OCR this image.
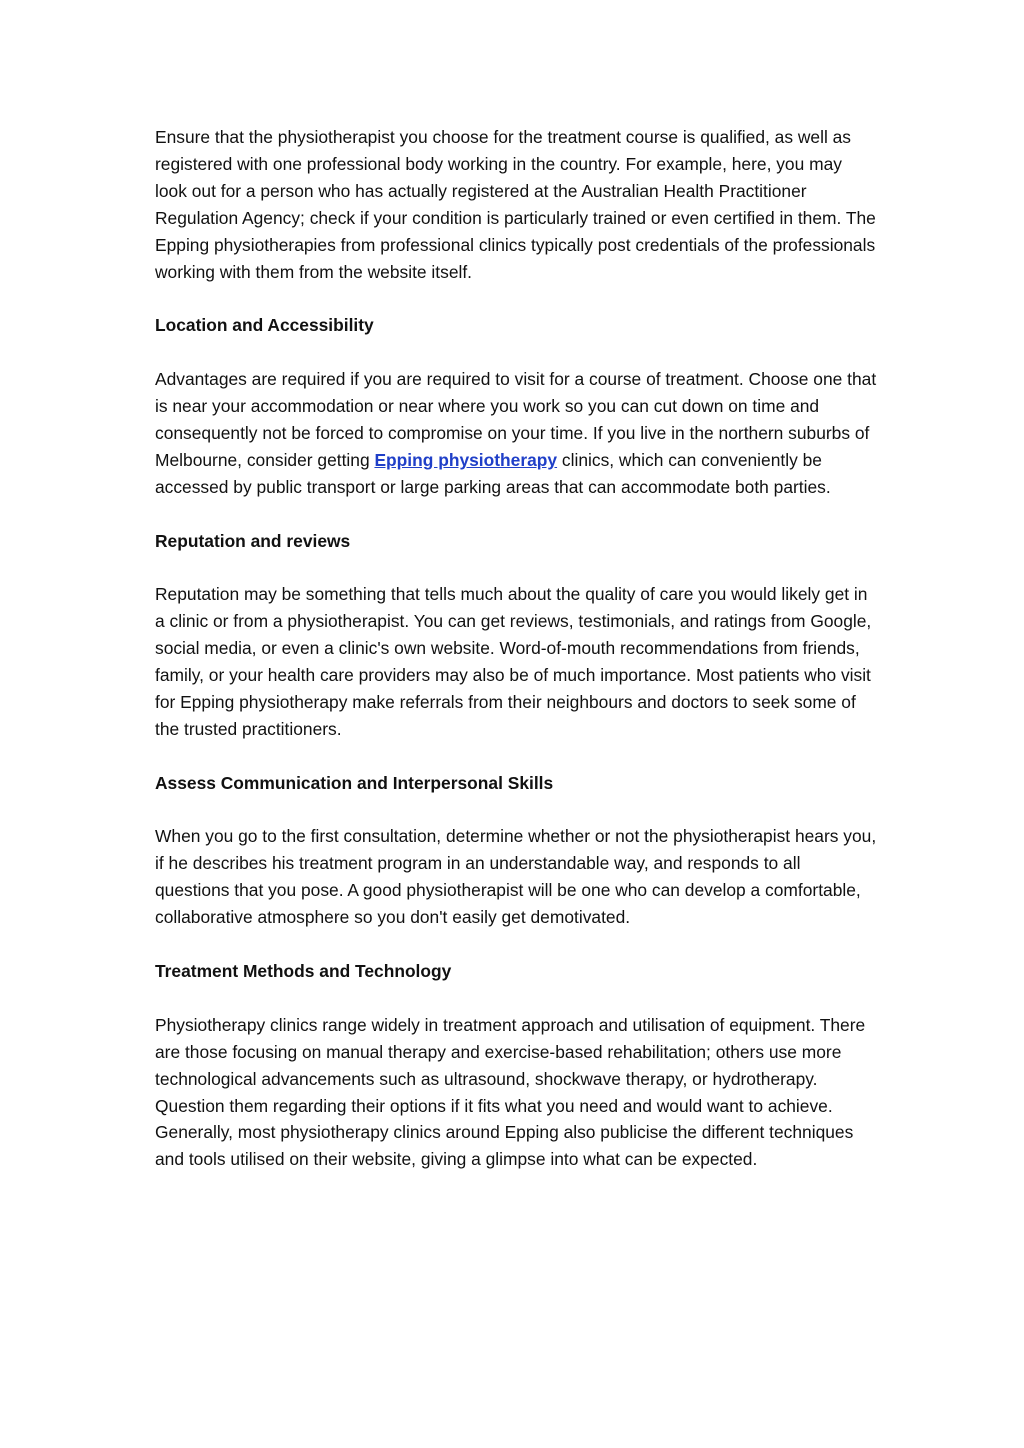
Ensure that the physiotherapist you choose for the treatment course is qualified, as well as registered with one professional body working in the country. For example, here, you may look out for a person who has actually registered at the Australian Health Practitioner Regulation Agency; check if your condition is particularly trained or even certified in them. The Epping physiotherapies from professional clinics typically post credentials of the professionals working with them from the website itself.

Location and Accessibility

Advantages are required if you are required to visit for a course of treatment. Choose one that is near your accommodation or near where you work so you can cut down on time and consequently not be forced to compromise on your time. If you live in the northern suburbs of Melbourne, consider getting Epping physiotherapy clinics, which can conveniently be accessed by public transport or large parking areas that can accommodate both parties.

Reputation and reviews

Reputation may be something that tells much about the quality of care you would likely get in a clinic or from a physiotherapist. You can get reviews, testimonials, and ratings from Google, social media, or even a clinic's own website. Word-of-mouth recommendations from friends, family, or your health care providers may also be of much importance. Most patients who visit for Epping physiotherapy make referrals from their neighbours and doctors to seek some of the trusted practitioners.

Assess Communication and Interpersonal Skills

When you go to the first consultation, determine whether or not the physiotherapist hears you, if he describes his treatment program in an understandable way, and responds to all questions that you pose. A good physiotherapist will be one who can develop a comfortable, collaborative atmosphere so you don't easily get demotivated.

Treatment Methods and Technology

Physiotherapy clinics range widely in treatment approach and utilisation of equipment. There are those focusing on manual therapy and exercise-based rehabilitation; others use more technological advancements such as ultrasound, shockwave therapy, or hydrotherapy. Question them regarding their options if it fits what you need and would want to achieve. Generally, most physiotherapy clinics around Epping also publicise the different techniques and tools utilised on their website, giving a glimpse into what can be expected.
